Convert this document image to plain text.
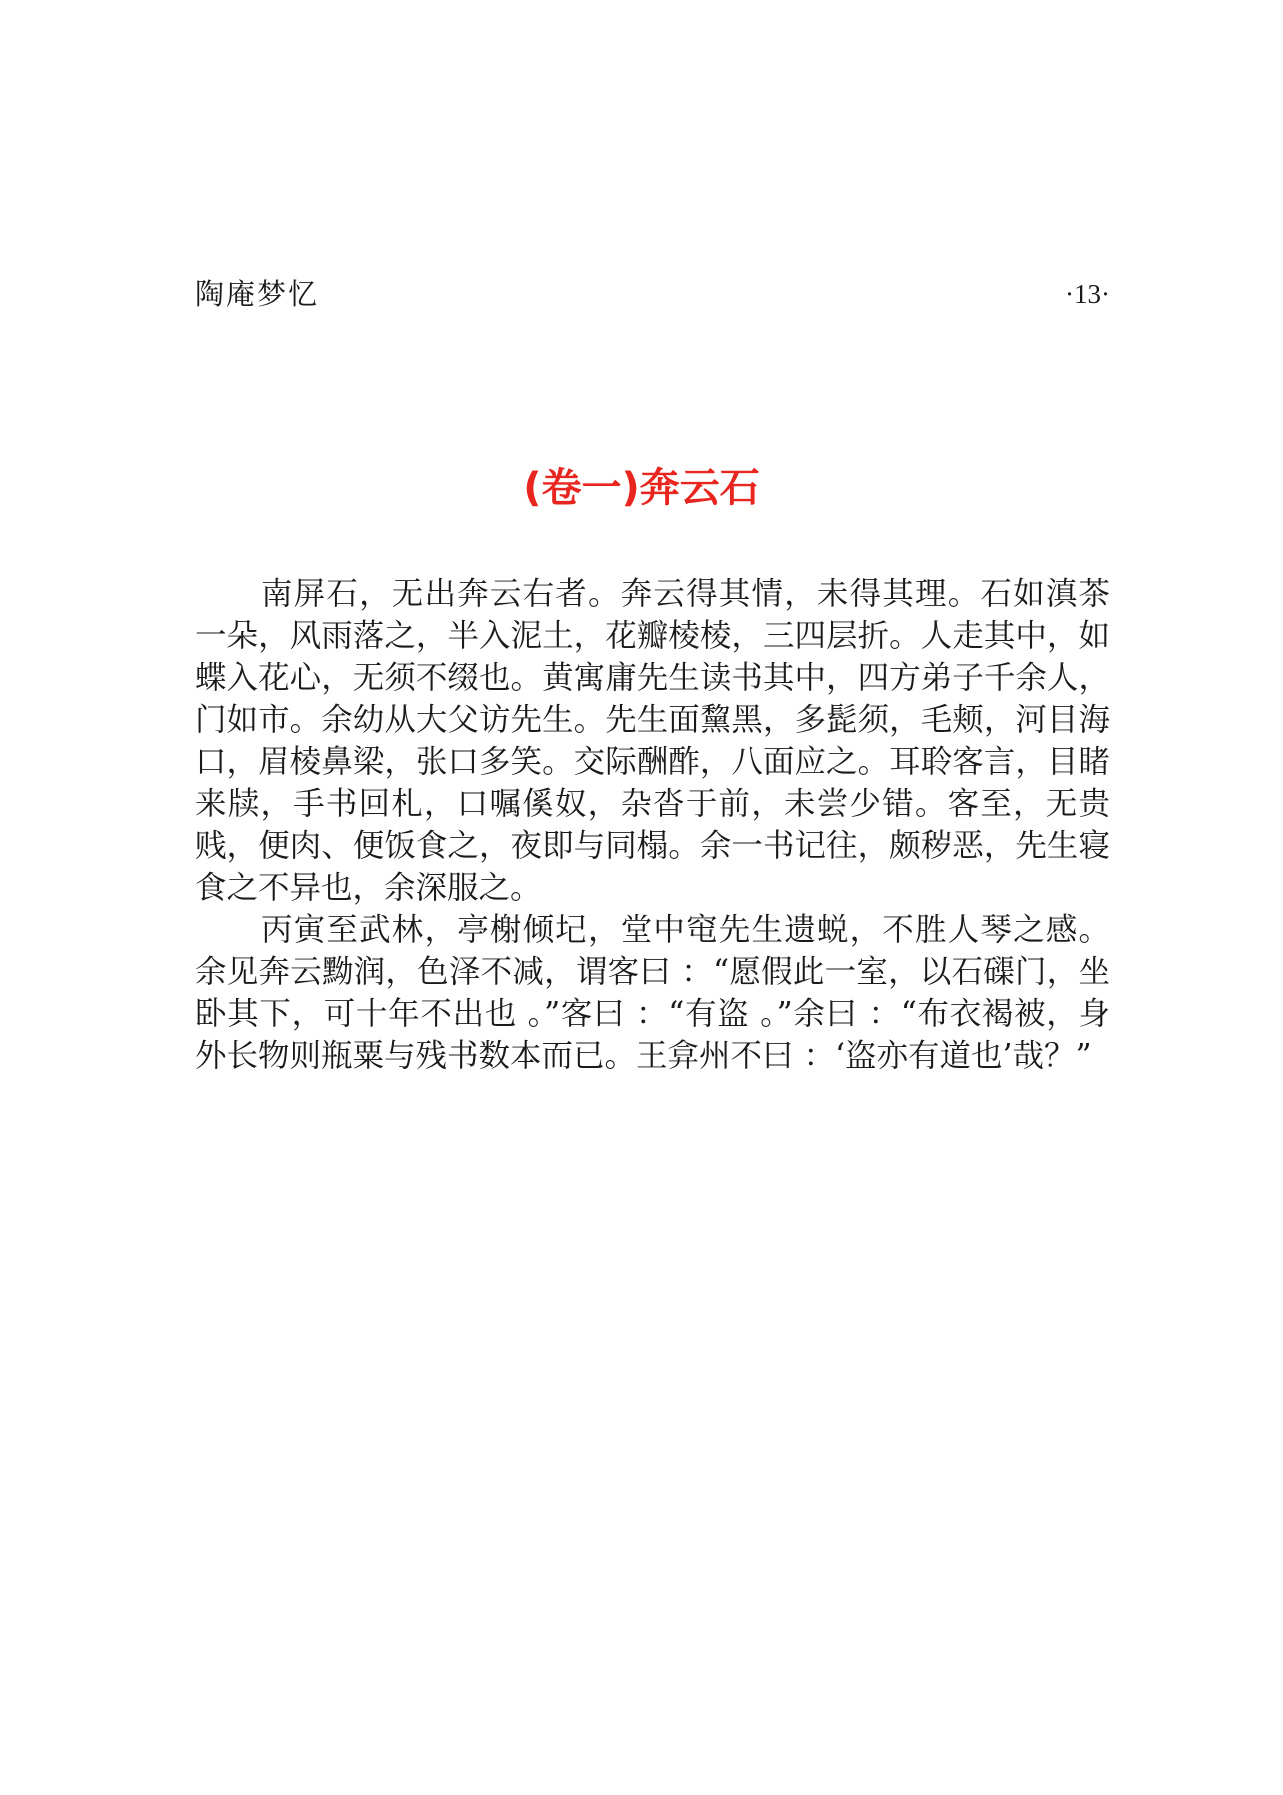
陶庵梦忆	·13·
(卷一)奔云石

南屏石，无出奔云右者。奔云得其情，未得其理。石如滇茶一朵，风雨落之，半入泥土，花瓣棱棱，三四层折。人走其中，如蝶入花心，无须不缀也。黄寓庸先生读书其中，四方弟子千余人，门如市。余幼从大父访先生。先生面黧黑，多髭须，毛颊，河目海口，眉棱鼻梁，张口多笑。交际酬酢，八面应之。耳聆客言，目睹来牍，手书回札，口嘱傒奴，杂沓于前，未尝少错。客至，无贵贱，便肉、便饭食之，夜即与同榻。余一书记往，颇秽恶，先生寝食之不异也，余深服之。

丙寅至武林，亭榭倾圮，堂中窀先生遗蜕，不胜人琴之感。余见奔云黝润，色泽不减，谓客曰 ：“愿假此一室，以石磲门，坐卧其下，可十年不出也 。”客曰 ：“有盗 。”余曰 ：“布衣褐被，身外长物则瓶粟与残书数本而已。王弇州不曰 ：‘盗亦有道也’哉？”
